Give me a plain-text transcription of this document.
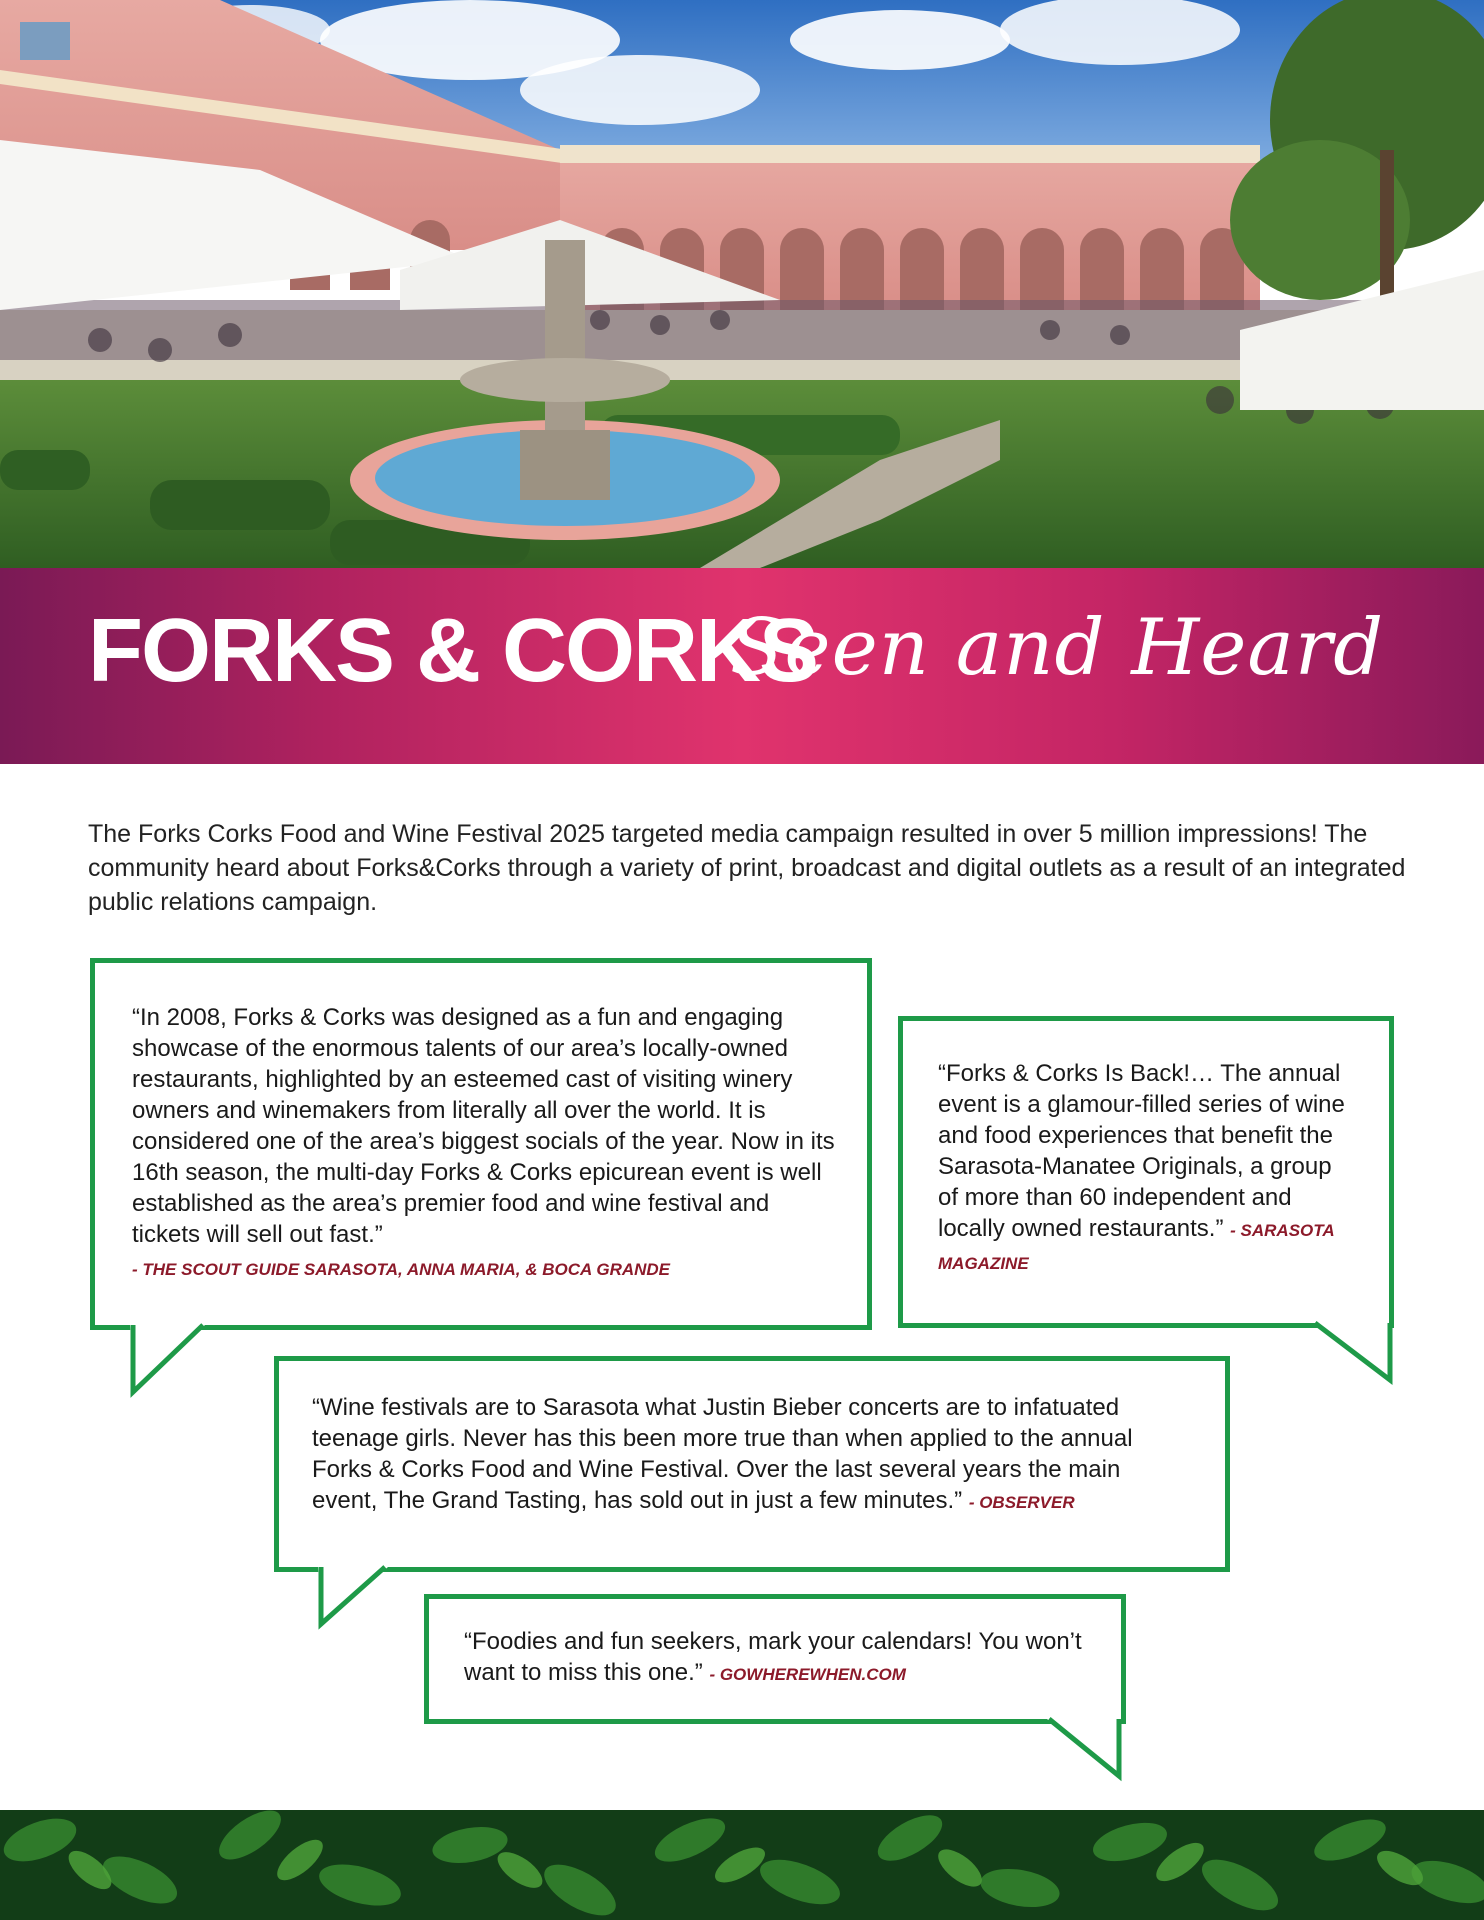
FORKS & CORKS
Seen and Heard

The Forks Corks Food and Wine Festival 2025 targeted media campaign resulted in over 5 million impressions! The community heard about Forks&Corks through a variety of print, broadcast and digital outlets as a result of an integrated public relations campaign.

“In 2008, Forks & Corks was designed as a fun and engaging showcase of the enormous talents of our area’s locally-owned restaurants, highlighted by an esteemed cast of visiting winery owners and winemakers from literally all over the world. It is considered one of the area’s biggest socials of the year. Now in its 16th season, the multi-day Forks & Corks epicurean event is well established as the area’s premier food and wine festival and tickets will sell out fast.”
- THE SCOUT GUIDE SARASOTA, ANNA MARIA, & BOCA GRANDE
“Forks & Corks Is Back!… The annual event is a glamour-filled series of wine and food experiences that benefit the Sarasota-Manatee Originals, a group of more than 60 independent and locally owned restaurants.” - SARASOTA MAGAZINE
“Wine festivals are to Sarasota what Justin Bieber concerts are to infatuated teenage girls. Never has this been more true than when applied to the annual Forks & Corks Food and Wine Festival. Over the last several years the main event, The Grand Tasting, has sold out in just a few minutes.” - OBSERVER
“Foodies and fun seekers, mark your calendars! You won’t want to miss this one.” - GOWHEREWHEN.COM
